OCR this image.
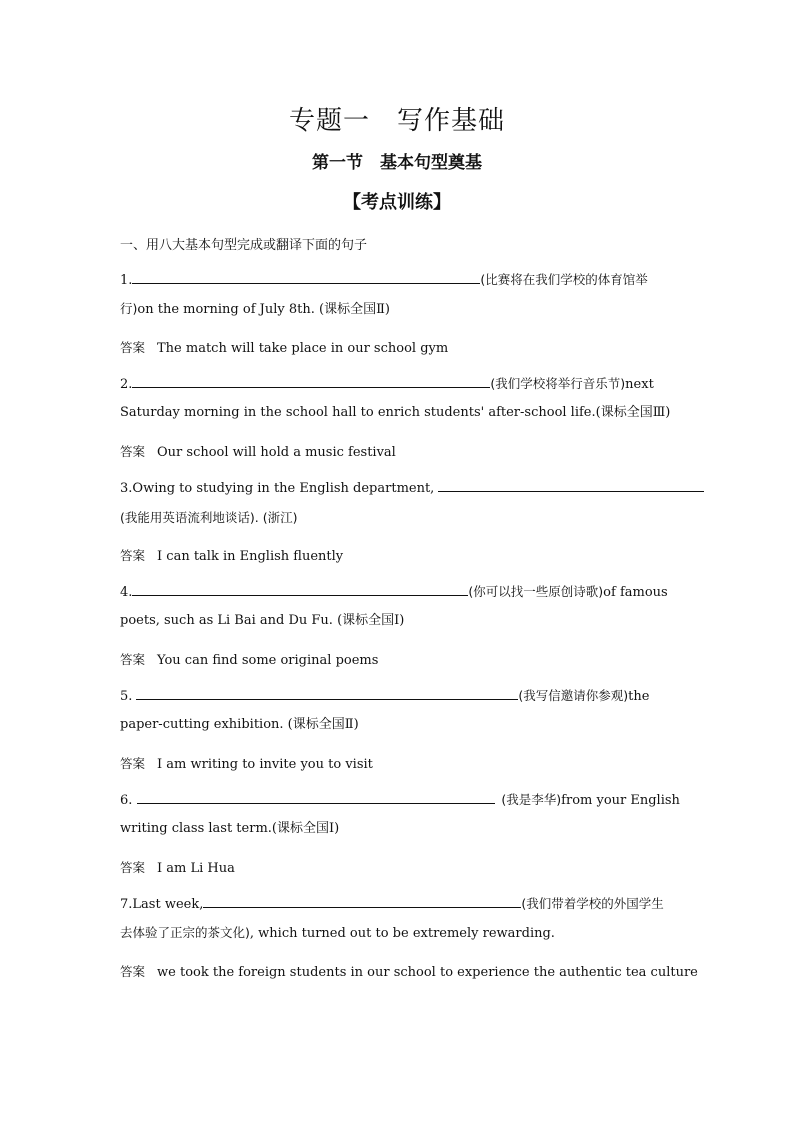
专题一　写作基础
第一节　基本句型奠基
【考点训练】
一、用八大基本句型完成或翻译下面的句子
1.	(比赛将在我们学校的体育馆举
行)on the morning of July 8th. (课标全国Ⅱ)
答案 The match will take place in our school gym
2.	(我们学校将举行音乐节)next
Saturday morning in the school hall to enrich students' after-school life.(课标全国Ⅲ)
答案 Our school will hold a music festival
3.Owing to studying in the English department,
(我能用英语流利地谈话). (浙江)
答案 I can talk in English fluently
4.	(你可以找一些原创诗歌)of famous
poets, such as Li Bai and Du Fu. (课标全国Ⅰ)
答案 You can find some original poems
5.	(我写信邀请你参观)the
paper-cutting exhibition. (课标全国Ⅱ)
答案 I am writing to invite you to visit
6.	(我是李华)from your English
writing class last term.(课标全国Ⅰ)
答案 I am Li Hua
7.Last week,	(我们带着学校的外国学生
去体验了正宗的茶文化), which turned out to be extremely rewarding.
答案 we took the foreign students in our school to experience the authentic tea culture
